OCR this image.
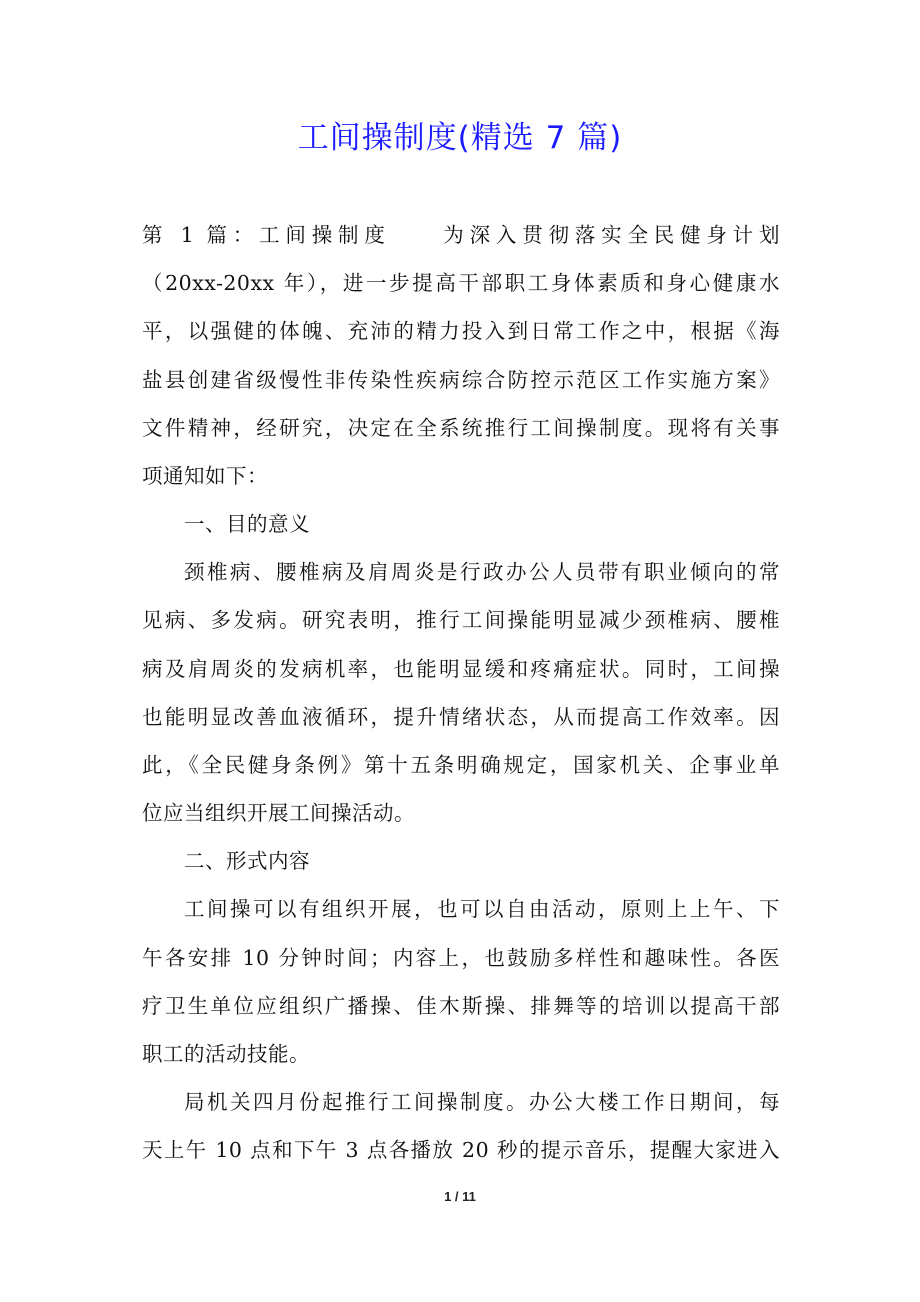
工间操制度(精选 7 篇)
第 1 篇：工间操制度　　为深入贯彻落实全民健身计划
（20xx-20xx 年），进一步提高干部职工身体素质和身心健康水
平，以强健的体魄、充沛的精力投入到日常工作之中，根据《海
盐县创建省级慢性非传染性疾病综合防控示范区工作实施方案》
文件精神，经研究，决定在全系统推行工间操制度。现将有关事
项通知如下：
一、目的意义
颈椎病、腰椎病及肩周炎是行政办公人员带有职业倾向的常
见病、多发病。研究表明，推行工间操能明显减少颈椎病、腰椎
病及肩周炎的发病机率，也能明显缓和疼痛症状。同时，工间操
也能明显改善血液循环，提升情绪状态，从而提高工作效率。因
此，《全民健身条例》第十五条明确规定，国家机关、企事业单
位应当组织开展工间操活动。
二、形式内容
工间操可以有组织开展，也可以自由活动，原则上上午、下
午各安排 10 分钟时间；内容上，也鼓励多样性和趣味性。各医
疗卫生单位应组织广播操、佳木斯操、排舞等的培训以提高干部
职工的活动技能。
局机关四月份起推行工间操制度。办公大楼工作日期间，每
天上午 10 点和下午 3 点各播放 20 秒的提示音乐，提醒大家进入
1 / 11
